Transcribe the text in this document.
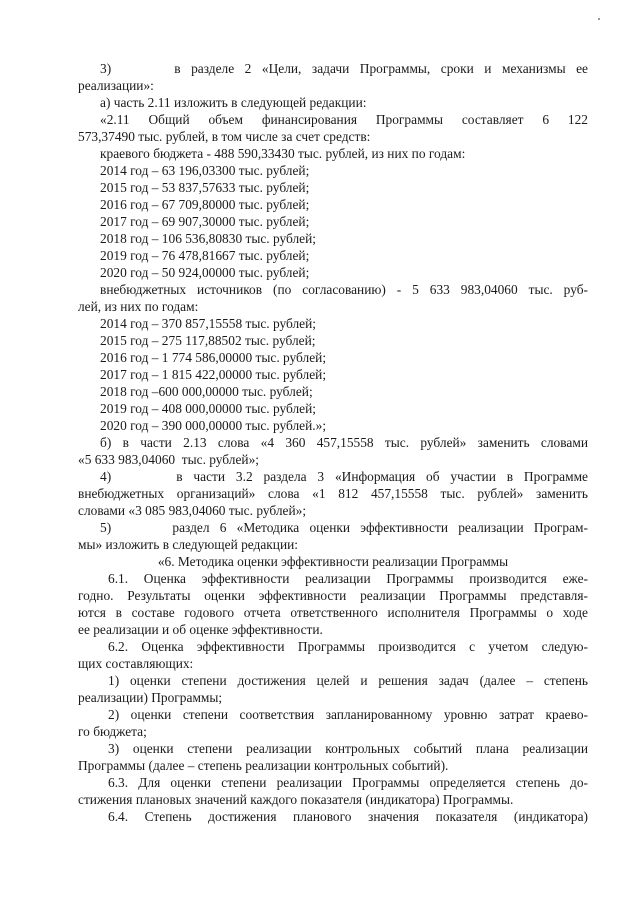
3)      в разделе 2 «Цели, задачи Программы, сроки и механизмы ее
реализации»:
а) часть 2.11 изложить в следующей редакции:
«2.11 Общий объем финансирования Программы составляет 6 122
573,37490 тыс. рублей, в том числе за счет средств:
краевого бюджета - 488 590,33430 тыс. рублей, из них по годам:
2014 год – 63 196,03300 тыс. рублей;
2015 год – 53 837,57633 тыс. рублей;
2016 год – 67 709,80000 тыс. рублей;
2017 год – 69 907,30000 тыс. рублей;
2018 год – 106 536,80830 тыс. рублей;
2019 год – 76 478,81667 тыс. рублей;
2020 год – 50 924,00000 тыс. рублей;
внебюджетных источников (по согласованию) - 5 633 983,04060 тыс. руб-
лей, из них по годам:
2014 год – 370 857,15558 тыс. рублей;
2015 год – 275 117,88502 тыс. рублей;
2016 год – 1 774 586,00000 тыс. рублей;
2017 год – 1 815 422,00000 тыс. рублей;
2018 год –600 000,00000 тыс. рублей;
2019 год – 408 000,00000 тыс. рублей;
2020 год – 390 000,00000 тыс. рублей.»;
б) в части 2.13 слова «4 360 457,15558 тыс. рублей» заменить словами
«5 633 983,04060  тыс. рублей»;
4)      в части 3.2 раздела 3 «Информация об участии в Программе
внебюджетных организаций» слова «1 812 457,15558 тыс. рублей» заменить
словами «3 085 983,04060 тыс. рублей»;
5)      раздел 6 «Методика оценки эффективности реализации Програм-
мы» изложить в следующей редакции:
«6. Методика оценки эффективности реализации Программы
6.1. Оценка эффективности реализации Программы производится еже-
годно. Результаты оценки эффективности реализации Программы представля-
ются в составе годового отчета ответственного исполнителя Программы о ходе
ее реализации и об оценке эффективности.
6.2. Оценка эффективности Программы производится с учетом следую-
щих составляющих:
1) оценки степени достижения целей и решения задач (далее – степень
реализации) Программы;
2) оценки степени соответствия запланированному уровню затрат краево-
го бюджета;
3) оценки степени реализации контрольных событий плана реализации
Программы (далее – степень реализации контрольных событий).
6.3. Для оценки степени реализации Программы определяется степень до-
стижения плановых значений каждого показателя (индикатора) Программы.
6.4. Степень достижения планового значения показателя (индикатора)
